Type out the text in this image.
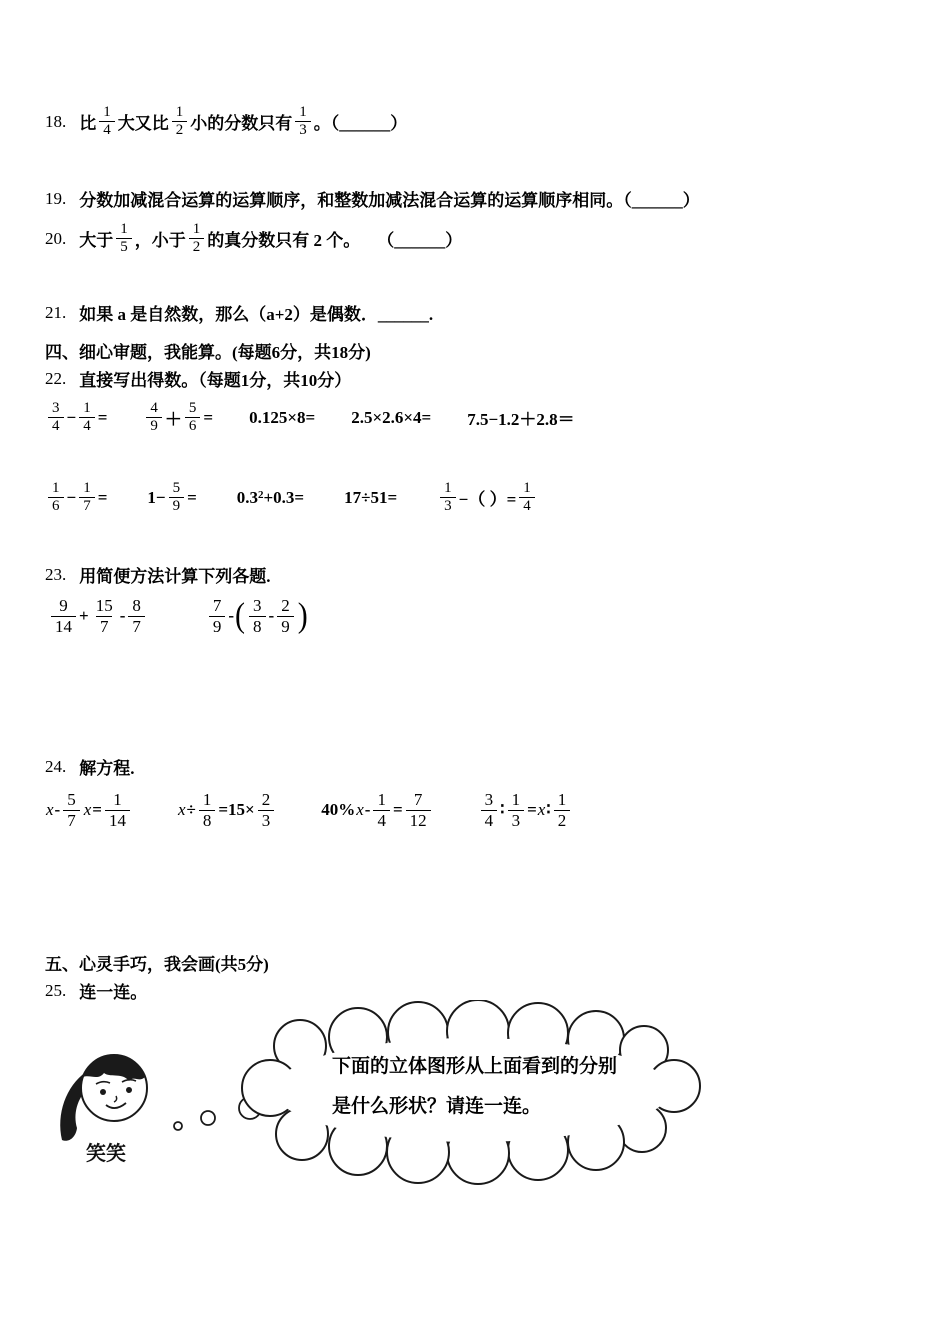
18. 比 $\frac{1}{4}$ 大又比 $\frac{1}{2}$ 小的分数只有 $\frac{1}{3}$ 。（______）
19. 分数加减混合运算的运算顺序，和整数加减法混合运算的运算顺序相同。（______）
20. 大于 $\frac{1}{5}$ ，小于 $\frac{1}{2}$ 的真分数只有 2 个。　　（______）
21. 如果 a 是自然数，那么（a+2）是偶数．______.
四、细心审题，我能算。(每题6分，共18分)
22. 直接写出得数。（每题1分，共10分）
$\frac{3}{4} - \frac{1}{4}$ =	$\frac{4}{9} + \frac{5}{6} = 0.125\times 8= 2.5\times 2.6\times 4= 7.5-1.2+2.8=$
$\frac{1}{6} - \frac{1}{7} = 1- \frac{5}{9} = 0.3$ 2 +0.3= 17÷51=	$\frac{1}{3}$ −（ ）= $\frac{1}{4}$
23. 用简便方法计算下列各题.
$\frac{9}{14} + \frac{15}{7} - \frac{8}{7}$	$\frac{7}{9}$ - ( $\frac{3}{8} - \frac{2}{9}$ )
24. 解方程.
x - $\frac{5}{7}$ $x = \frac{1}{14}$	$x \div \frac{1}{8} =15\times \frac{2}{3}$	40% $x - \frac{1}{4} = \frac{7}{12}$	$\frac{3}{4}$ ∶ $\frac{1}{3} = x$ ∶ $\frac{1}{2}$
五、心灵手巧，我会画(共5分)
25. 连一连。
笑笑
下面的立体图形从上面看到的分别
是什么形状？请连一连。
